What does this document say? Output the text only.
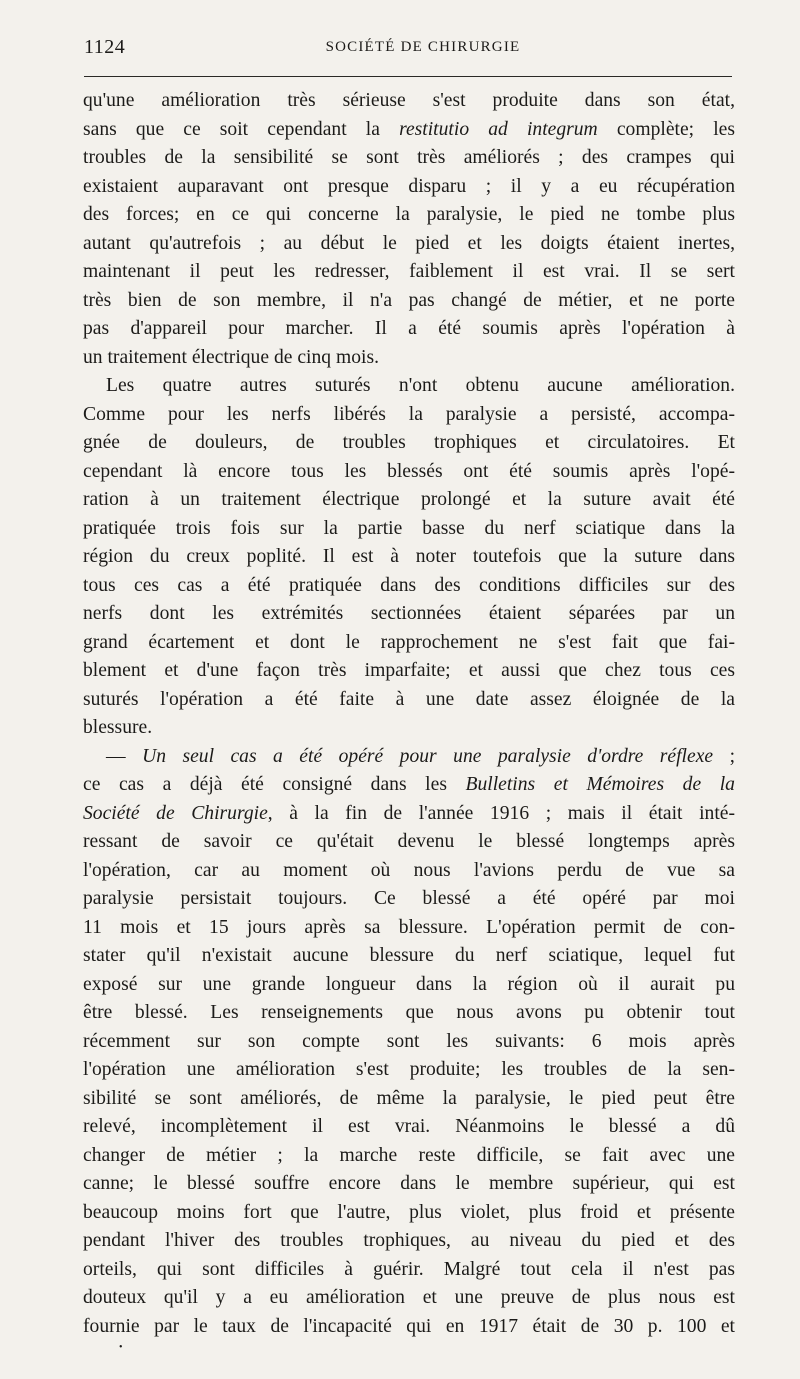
1124	SOCIÉTÉ DE CHIRURGIE
qu'une amélioration très sérieuse s'est produite dans son état,
sans que ce soit cependant la restitutio ad integrum complète; les
troubles de la sensibilité se sont très améliorés ; des crampes qui
existaient auparavant ont presque disparu ; il y a eu récupération
des forces; en ce qui concerne la paralysie, le pied ne tombe plus
autant qu'autrefois ; au début le pied et les doigts étaient inertes,
maintenant il peut les redresser, faiblement il est vrai. Il se sert
très bien de son membre, il n'a pas changé de métier, et ne porte
pas d'appareil pour marcher. Il a été soumis après l'opération à
un traitement électrique de cinq mois.
Les quatre autres suturés n'ont obtenu aucune amélioration.
Comme pour les nerfs libérés la paralysie a persisté, accompa-
gnée de douleurs, de troubles trophiques et circulatoires. Et
cependant là encore tous les blessés ont été soumis après l'opé-
ration à un traitement électrique prolongé et la suture avait été
pratiquée trois fois sur la partie basse du nerf sciatique dans la
région du creux poplité. Il est à noter toutefois que la suture dans
tous ces cas a été pratiquée dans des conditions difficiles sur des
nerfs dont les extrémités sectionnées étaient séparées par un
grand écartement et dont le rapprochement ne s'est fait que fai-
blement et d'une façon très imparfaite; et aussi que chez tous ces
suturés l'opération a été faite à une date assez éloignée de la
blessure.
— Un seul cas a été opéré pour une paralysie d'ordre réflexe ;
ce cas a déjà été consigné dans les Bulletins et Mémoires de la
Société de Chirurgie, à la fin de l'année 1916 ; mais il était inté-
ressant de savoir ce qu'était devenu le blessé longtemps après
l'opération, car au moment où nous l'avions perdu de vue sa
paralysie persistait toujours. Ce blessé a été opéré par moi
11 mois et 15 jours après sa blessure. L'opération permit de con-
stater qu'il n'existait aucune blessure du nerf sciatique, lequel fut
exposé sur une grande longueur dans la région où il aurait pu
être blessé. Les renseignements que nous avons pu obtenir tout
récemment sur son compte sont les suivants: 6 mois après
l'opération une amélioration s'est produite; les troubles de la sen-
sibilité se sont améliorés, de même la paralysie, le pied peut être
relevé, incomplètement il est vrai. Néanmoins le blessé a dû
changer de métier ; la marche reste difficile, se fait avec une
canne; le blessé souffre encore dans le membre supérieur, qui est
beaucoup moins fort que l'autre, plus violet, plus froid et présente
pendant l'hiver des troubles trophiques, au niveau du pied et des
orteils, qui sont difficiles à guérir. Malgré tout cela il n'est pas
douteux qu'il y a eu amélioration et une preuve de plus nous est
fournie par le taux de l'incapacité qui en 1917 était de 30 p. 100 et
•
